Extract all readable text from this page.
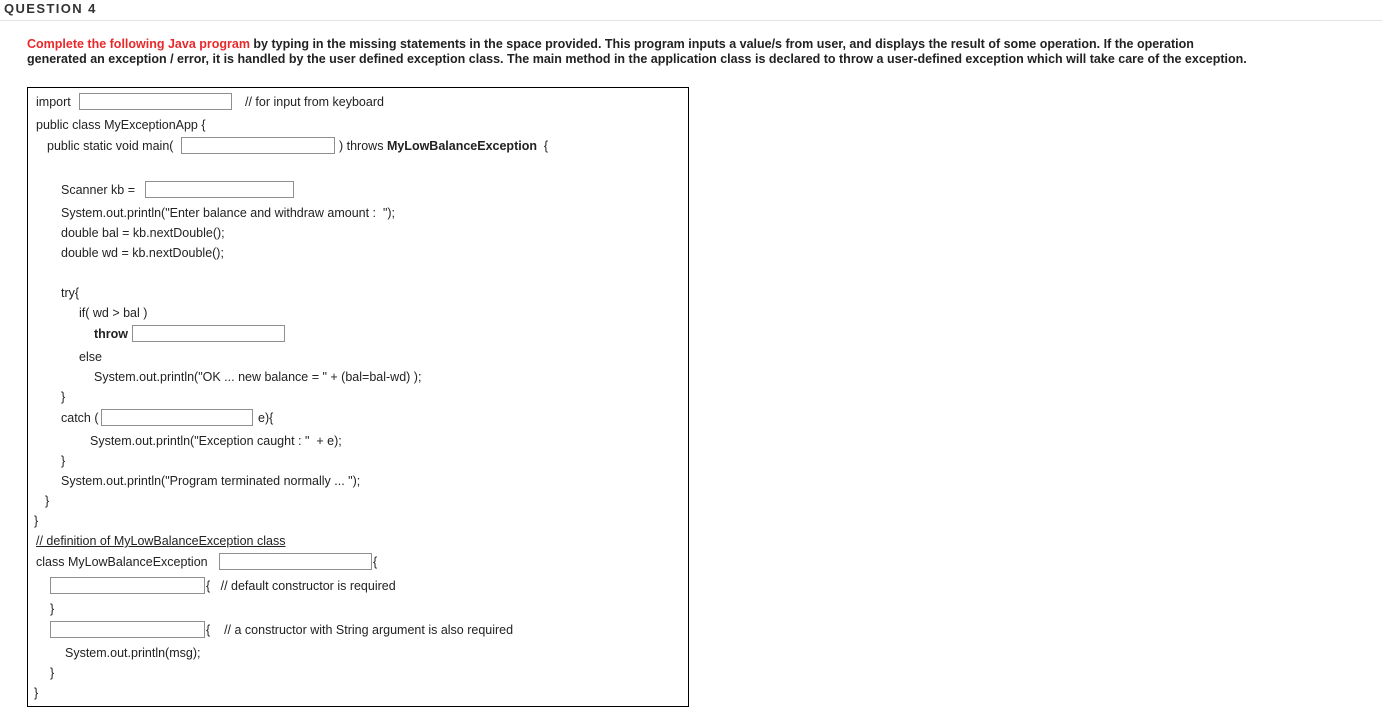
QUESTION 4
Complete the following Java program by typing in the missing statements in the space provided. This program inputs a value/s from user, and displays the result of some operation. If the operation generated an exception / error, it is handled by the user defined exception class. The main method in the application class is declared to throw a user-defined exception which will take care of the exception.
import	// for input from keyboard
public class MyExceptionApp {
public static void main(	) throws MyLowBalanceException  {
Scanner kb =
System.out.println("Enter balance and withdraw amount :  ");
double bal = kb.nextDouble();
double wd = kb.nextDouble();
try{
if( wd > bal )
throw
else
System.out.println("OK ... new balance = " + (bal=bal-wd) );
}
catch (	e){
System.out.println("Exception caught : "  + e);
}
System.out.println("Program terminated normally ... ");
}
}
// definition of MyLowBalanceException class
class MyLowBalanceException	{
{   // default constructor is required
}
{    // a constructor with String argument is also required
System.out.println(msg);
}
}
